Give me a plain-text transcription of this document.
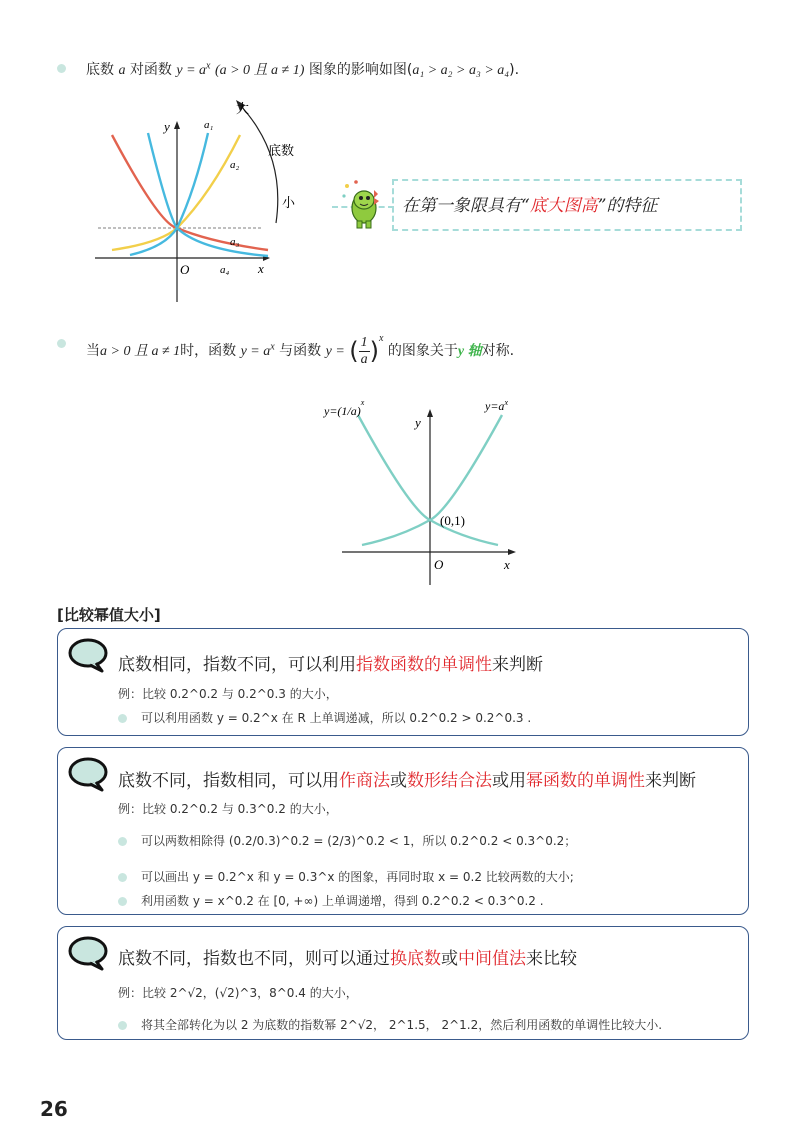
底数 a 对函数 $y = a^x$ (a > 0 且 a ≠ 1) 图象的影响如图(a₁ > a₂ > a₃ > a₄).
y
x
O
a₁
a₂
a₃
a₄
大
底数
小	在第一象限具有“底大图高”的特征
当a > 0 且 a ≠ 1时，函数 $y = a^x$ 与函数 y = ( $\frac{1}{a} )^x$ 的图象关于y 轴对称.
(0,1)
y
x
O
$y=a^x$
$y=(1/a)^x$
[比较幂值大小]
底数相同，指数不同，可以利用指数函数的单调性来判断
例：比较 0.2^0.2 与 0.2^0.3 的大小，
可以利用函数 y = 0.2^x 在 R 上单调递减，所以 0.2^0.2 > 0.2^0.3 .
底数不同，指数相同，可以用作商法或数形结合法或用幂函数的单调性来判断
例：比较 0.2^0.2 与 0.3^0.2 的大小，
可以两数相除得 (0.2/0.3)^0.2 = (2/3)^0.2 < 1，所以 0.2^0.2 < 0.3^0.2；
可以画出 y = 0.2^x 和 y = 0.3^x 的图象，再同时取 x = 0.2 比较两数的大小;
利用函数 y = x^0.2 在 [0, +∞) 上单调递增，得到 0.2^0.2 < 0.3^0.2 .
底数不同，指数也不同，则可以通过换底数或中间值法来比较
例：比较 2^√2，(√2)^3，8^0.4 的大小，
将其全部转化为以 2 为底数的指数幂 2^√2， 2^1.5， 2^1.2，然后利用函数的单调性比较大小.
26
